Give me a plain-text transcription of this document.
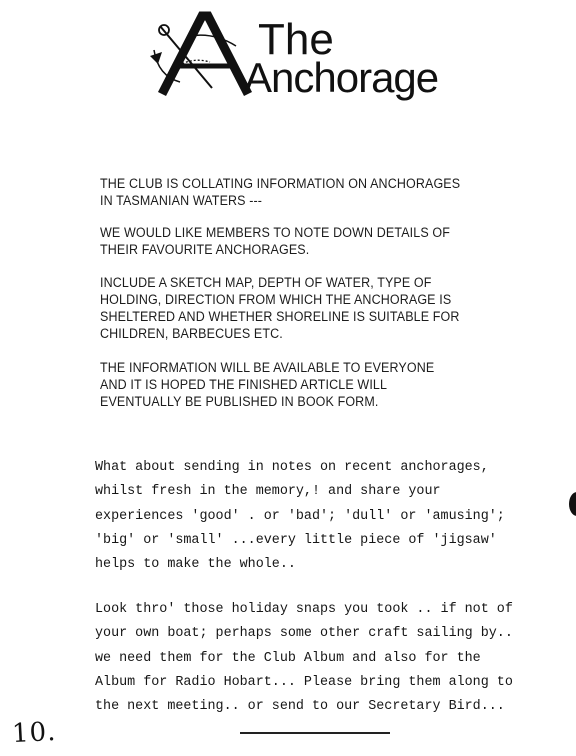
The
Anchorage
THE CLUB IS COLLATING INFORMATION ON ANCHORAGES
IN TASMANIAN WATERS ---
WE WOULD LIKE MEMBERS TO NOTE DOWN DETAILS OF
THEIR FAVOURITE ANCHORAGES.
INCLUDE A SKETCH MAP, DEPTH OF WATER, TYPE OF
HOLDING, DIRECTION FROM WHICH THE ANCHORAGE IS
SHELTERED AND WHETHER SHORELINE IS SUITABLE FOR
CHILDREN, BARBECUES ETC.
THE INFORMATION WILL BE AVAILABLE TO EVERYONE
AND IT IS HOPED THE FINISHED ARTICLE WILL
EVENTUALLY BE PUBLISHED IN BOOK FORM.
What about sending in notes on recent anchorages,
whilst fresh in the memory,! and share your
experiences 'good' . or 'bad'; 'dull' or 'amusing';
'big' or 'small' ...every little piece of 'jigsaw'
helps to make the whole..
Look thro' those holiday snaps you took .. if not of
your own boat; perhaps some other craft sailing by..
we need them for the Club Album and also for the
Album for Radio Hobart... Please bring them along to
the next meeting.. or send to our Secretary Bird...
10.
